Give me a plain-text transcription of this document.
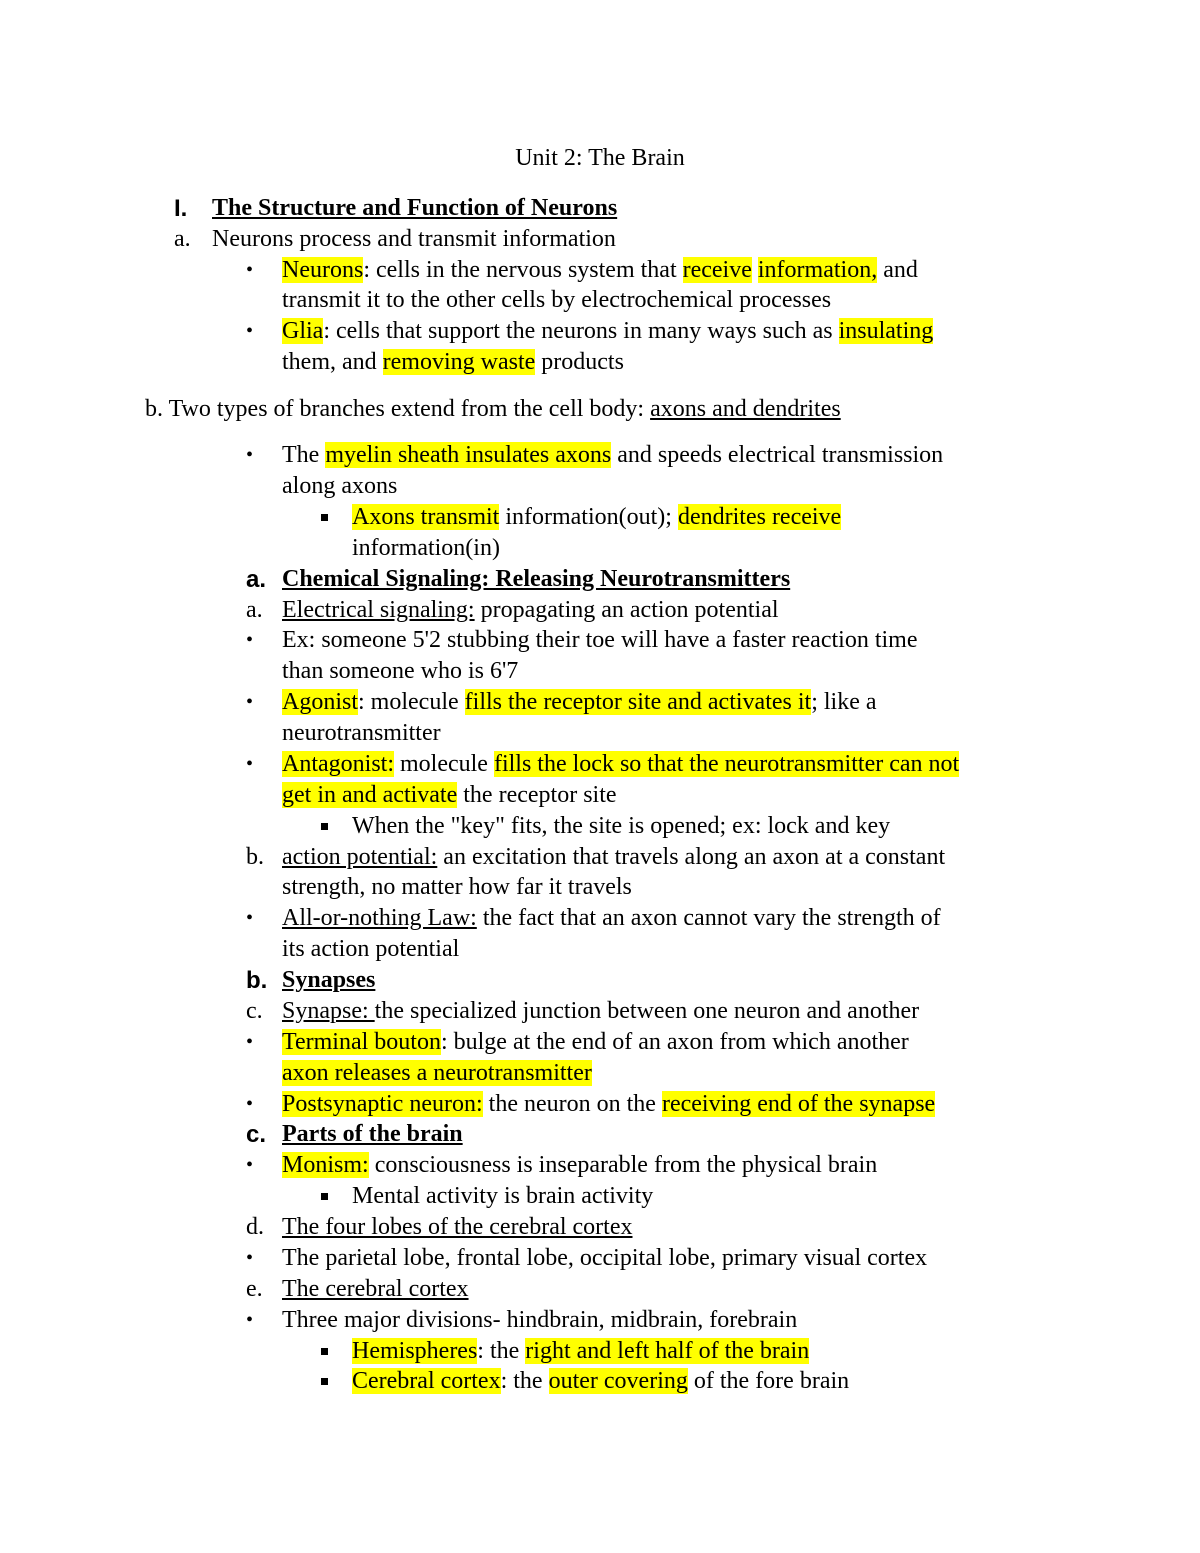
Unit 2: The Brain
I. The Structure and Function of Neurons
a. Neurons process and transmit information
• Neurons: cells in the nervous system that receive information, and
transmit it to the other cells by electrochemical processes
• Glia: cells that support the neurons in many ways such as insulating
them, and removing waste products
b. Two types of branches extend from the cell body: axons and dendrites
• The myelin sheath insulates axons and speeds electrical transmission
along axons
Axons transmit information(out); dendrites receive
information(in)
a. Chemical Signaling: Releasing Neurotransmitters
a. Electrical signaling: propagating an action potential
• Ex: someone 5'2 stubbing their toe will have a faster reaction time
than someone who is 6'7
• Agonist: molecule fills the receptor site and activates it; like a
neurotransmitter
• Antagonist: molecule fills the lock so that the neurotransmitter can not
get in and activate the receptor site
When the "key" fits, the site is opened; ex: lock and key
b. action potential: an excitation that travels along an axon at a constant
strength, no matter how far it travels
• All-or-nothing Law: the fact that an axon cannot vary the strength of
its action potential
b. Synapses
c. Synapse: the specialized junction between one neuron and another
• Terminal bouton: bulge at the end of an axon from which another
axon releases a neurotransmitter
• Postsynaptic neuron: the neuron on the receiving end of the synapse
c. Parts of the brain
• Monism: consciousness is inseparable from the physical brain
Mental activity is brain activity
d. The four lobes of the cerebral cortex
• The parietal lobe, frontal lobe, occipital lobe, primary visual cortex
e. The cerebral cortex
• Three major divisions- hindbrain, midbrain, forebrain
Hemispheres: the right and left half of the brain
Cerebral cortex: the outer covering of the fore brain
